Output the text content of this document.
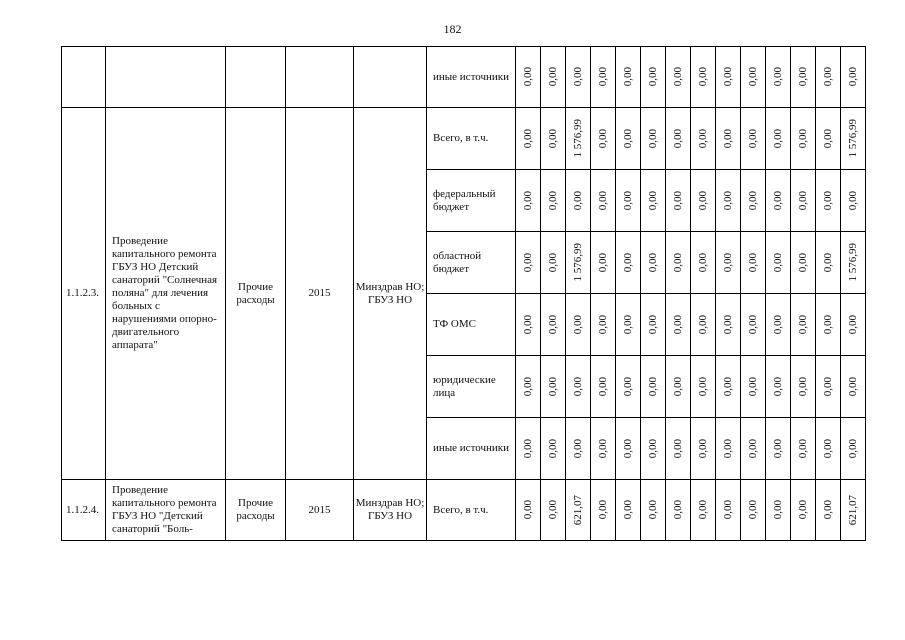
182
					иные источники	0,00	0,00	0,00	0,00	0,00	0,00	0,00	0,00	0,00	0,00	0,00	0,00	0,00	0,00

1.1.2.3.	Проведение капитального ремонта ГБУЗ НО Детский санаторий "Солнечная поляна" для лечения больных с нарушениями опорно-двигательного аппарата"	Прочие расходы	2015	Минздрав НО; ГБУЗ НО	Всего, в т.ч.	0,00	0,00	1 576,99	0,00	0,00	0,00	0,00	0,00	0,00	0,00	0,00	0,00	0,00	1 576,99

					федеральный бюджет	0,00	0,00	0,00	0,00	0,00	0,00	0,00	0,00	0,00	0,00	0,00	0,00	0,00	0,00

					областной бюджет	0,00	0,00	1 576,99	0,00	0,00	0,00	0,00	0,00	0,00	0,00	0,00	0,00	0,00	1 576,99

					ТФ ОМС	0,00	0,00	0,00	0,00	0,00	0,00	0,00	0,00	0,00	0,00	0,00	0,00	0,00	0,00

					юридические лица	0,00	0,00	0,00	0,00	0,00	0,00	0,00	0,00	0,00	0,00	0,00	0,00	0,00	0,00

					иные источники	0,00	0,00	0,00	0,00	0,00	0,00	0,00	0,00	0,00	0,00	0,00	0,00	0,00	0,00

1.1.2.4.	Проведение капитального ремонта ГБУЗ НО "Детский санаторий "Боль-	Прочие расходы	2015	Минздрав НО; ГБУЗ НО	Всего, в т.ч.	0,00	0,00	621,07	0,00	0,00	0,00	0,00	0,00	0,00	0,00	0,00	0,00	0,00	621,07
